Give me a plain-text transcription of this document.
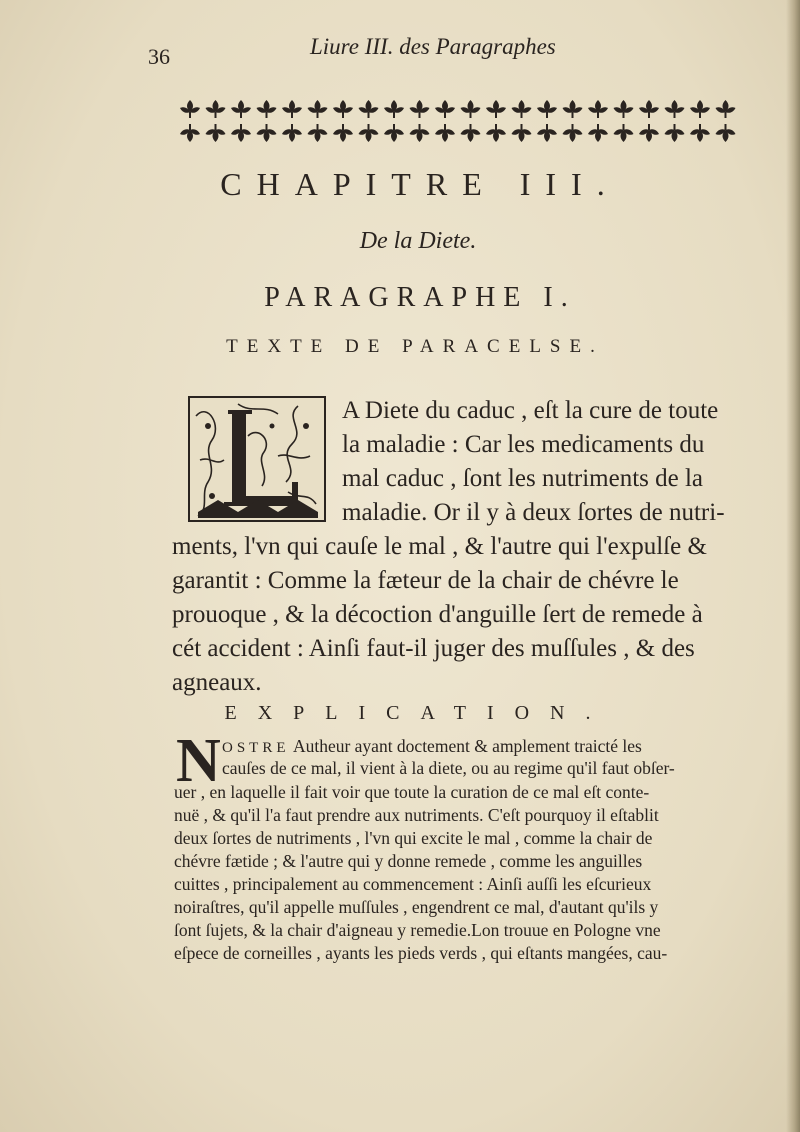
36	Liure III. des Paragraphes
CHAPITRE III.
De la Diete.
PARAGRAPHE I.
TEXTE DE PARACELSE.
A Diete du caduc , eſt la cure de toute
la maladie : Car les medicaments du
mal caduc , ſont les nutriments de la
maladie. Or il y à deux ſortes de nutri-
ments, l'vn qui cauſe le mal , & l'autre qui l'expulſe &
garantit : Comme la fæteur de la chair de chévre le
prouoque , & la décoction d'anguille ſert de remede à
cét accident : Ainſi faut-il juger des muſſules , & des
agneaux.
EXPLICATION.
N OSTRE Autheur ayant doctement & amplement traicté les
cauſes de ce mal, il vient à la diete, ou au regime qu'il faut obſer-
uer , en laquelle il fait voir que toute la curation de ce mal eſt conte-
nuë , & qu'il l'a faut prendre aux nutriments. C'eſt pourquoy il eſtablit
deux ſortes de nutriments , l'vn qui excite le mal , comme la chair de
chévre fætide ; & l'autre qui y donne remede , comme les anguilles
cuittes , principalement au commencement : Ainſi auſſi les eſcurieux
noiraſtres, qu'il appelle muſſules , engendrent ce mal, d'autant qu'ils y
ſont ſujets, & la chair d'aigneau y remedie.Lon trouue en Pologne vne
eſpece de corneilles , ayants les pieds verds , qui eſtants mangées, cau-
